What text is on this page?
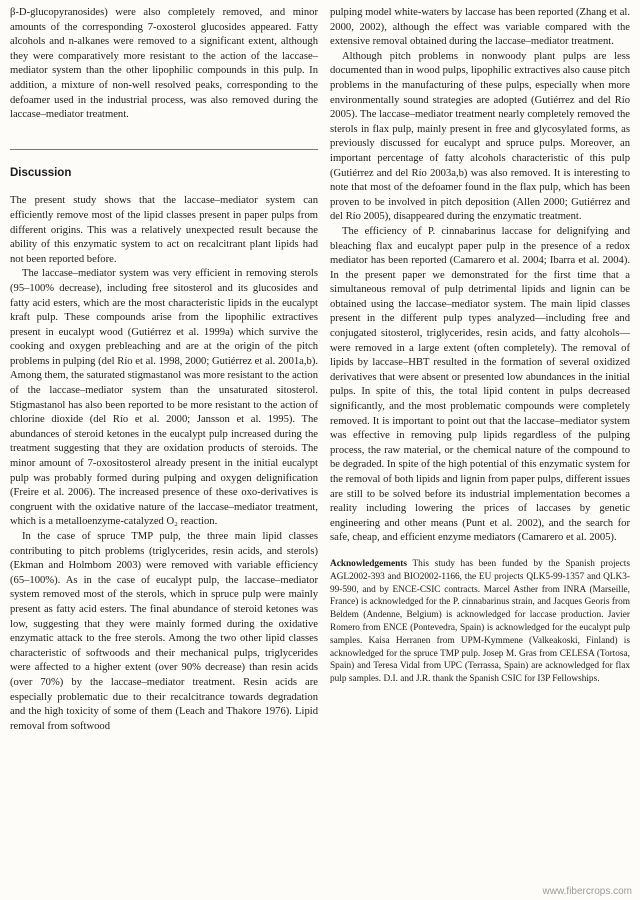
β-D-glucopyranosides) were also completely removed, and minor amounts of the corresponding 7-oxosterol glucosides appeared. Fatty alcohols and n-alkanes were removed to a significant extent, although they were comparatively more resistant to the action of the laccase–mediator system than the other lipophilic compounds in this pulp. In addition, a mixture of non-well resolved peaks, corresponding to the defoamer used in the industrial process, was also removed during the laccase–mediator treatment.

Discussion

The present study shows that the laccase–mediator system can efficiently remove most of the lipid classes present in paper pulps from different origins. This was a relatively unexpected result because the ability of this enzymatic system to act on recalcitrant plant lipids had not been reported before.

The laccase–mediator system was very efficient in removing sterols (95–100% decrease), including free sitosterol and its glucosides and fatty acid esters, which are the most characteristic lipids in the eucalypt kraft pulp. These compounds arise from the lipophilic extractives present in eucalypt wood (Gutiérrez et al. 1999a) which survive the cooking and oxygen prebleaching and are at the origin of the pitch problems in pulping (del Río et al. 1998, 2000; Gutiérrez et al. 2001a,b). Among them, the saturated stigmastanol was more resistant to the action of the laccase–mediator system than the unsaturated sitosterol. Stigmastanol has also been reported to be more resistant to the action of chlorine dioxide (del Río et al. 2000; Jansson et al. 1995). The abundances of steroid ketones in the eucalypt pulp increased during the treatment suggesting that they are oxidation products of steroids. The minor amount of 7-oxositosterol already present in the initial eucalypt pulp was probably formed during pulping and oxygen delignification (Freire et al. 2006). The increased presence of these oxo-derivatives is congruent with the oxidative nature of the laccase–mediator treatment, which is a metalloenzyme-catalyzed O₂ reaction.

In the case of spruce TMP pulp, the three main lipid classes contributing to pitch problems (triglycerides, resin acids, and sterols) (Ekman and Holmbom 2003) were removed with variable efficiency (65–100%). As in the case of eucalypt pulp, the laccase–mediator system removed most of the sterols, which in spruce pulp were mainly present as fatty acid esters. The final abundance of steroid ketones was low, suggesting that they were mainly formed during the oxidative enzymatic attack to the free sterols. Among the two other lipid classes characteristic of softwoods and their mechanical pulps, triglycerides were affected to a higher extent (over 90% decrease) than resin acids (over 70%) by the laccase–mediator treatment. Resin acids are especially problematic due to their recalcitrance towards degradation and the high toxicity of some of them (Leach and Thakore 1976). Lipid removal from softwood

pulping model white-waters by laccase has been reported (Zhang et al. 2000, 2002), although the effect was variable compared with the extensive removal obtained during the laccase–mediator treatment.

Although pitch problems in nonwoody plant pulps are less documented than in wood pulps, lipophilic extractives also cause pitch problems in the manufacturing of these pulps, especially when more environmentally sound strategies are adopted (Gutiérrez and del Río 2005). The laccase–mediator treatment nearly completely removed the sterols in flax pulp, mainly present in free and glycosylated forms, as previously discussed for eucalypt and spruce pulps. Moreover, an important percentage of fatty alcohols characteristic of this pulp (Gutiérrez and del Río 2003a,b) was also removed. It is interesting to note that most of the defoamer found in the flax pulp, which has been proven to be involved in pitch deposition (Allen 2000; Gutiérrez and del Río 2005), disappeared during the enzymatic treatment.

The efficiency of P. cinnabarinus laccase for delignifying and bleaching flax and eucalypt paper pulp in the presence of a redox mediator has been reported (Camarero et al. 2004; Ibarra et al. 2004). In the present paper we demonstrated for the first time that a simultaneous removal of pulp detrimental lipids and lignin can be obtained using the laccase–mediator system. The main lipid classes present in the different pulp types analyzed—including free and conjugated sitosterol, triglycerides, resin acids, and fatty alcohols—were removed in a large extent (often completely). The removal of lipids by laccase–HBT resulted in the formation of several oxidized derivatives that were absent or presented low abundances in the initial pulps. In spite of this, the total lipid content in pulps decreased significantly, and the most problematic compounds were completely removed. It is important to point out that the laccase–mediator system was effective in removing pulp lipids regardless of the pulping process, the raw material, or the chemical nature of the compound to be degraded. In spite of the high potential of this enzymatic system for the removal of both lipids and lignin from paper pulps, different issues are still to be solved before its industrial implementation becomes a reality including lowering the prices of laccases by genetic engineering and other means (Punt et al. 2002), and the search for safe, cheap, and efficient enzyme mediators (Camarero et al. 2005).

Acknowledgements This study has been funded by the Spanish projects AGL2002-393 and BIO2002-1166, the EU projects QLK5-99-1357 and QLK3-99-590, and by ENCE-CSIC contracts. Marcel Asther from INRA (Marseille, France) is acknowledged for the P. cinnabarinus strain, and Jacques Georis from Beldem (Andenne, Belgium) is acknowledged for laccase production. Javier Romero from ENCE (Pontevedra, Spain) is acknowledged for the eucalypt pulp samples. Kaisa Herranen from UPM-Kymmene (Valkeakoski, Finland) is acknowledged for the spruce TMP pulp. Josep M. Gras from CELESA (Tortosa, Spain) and Teresa Vidal from UPC (Terrassa, Spain) are acknowledged for flax pulp samples. D.I. and J.R. thank the Spanish CSIC for I3P Fellowships.

www.fibercrops.com
